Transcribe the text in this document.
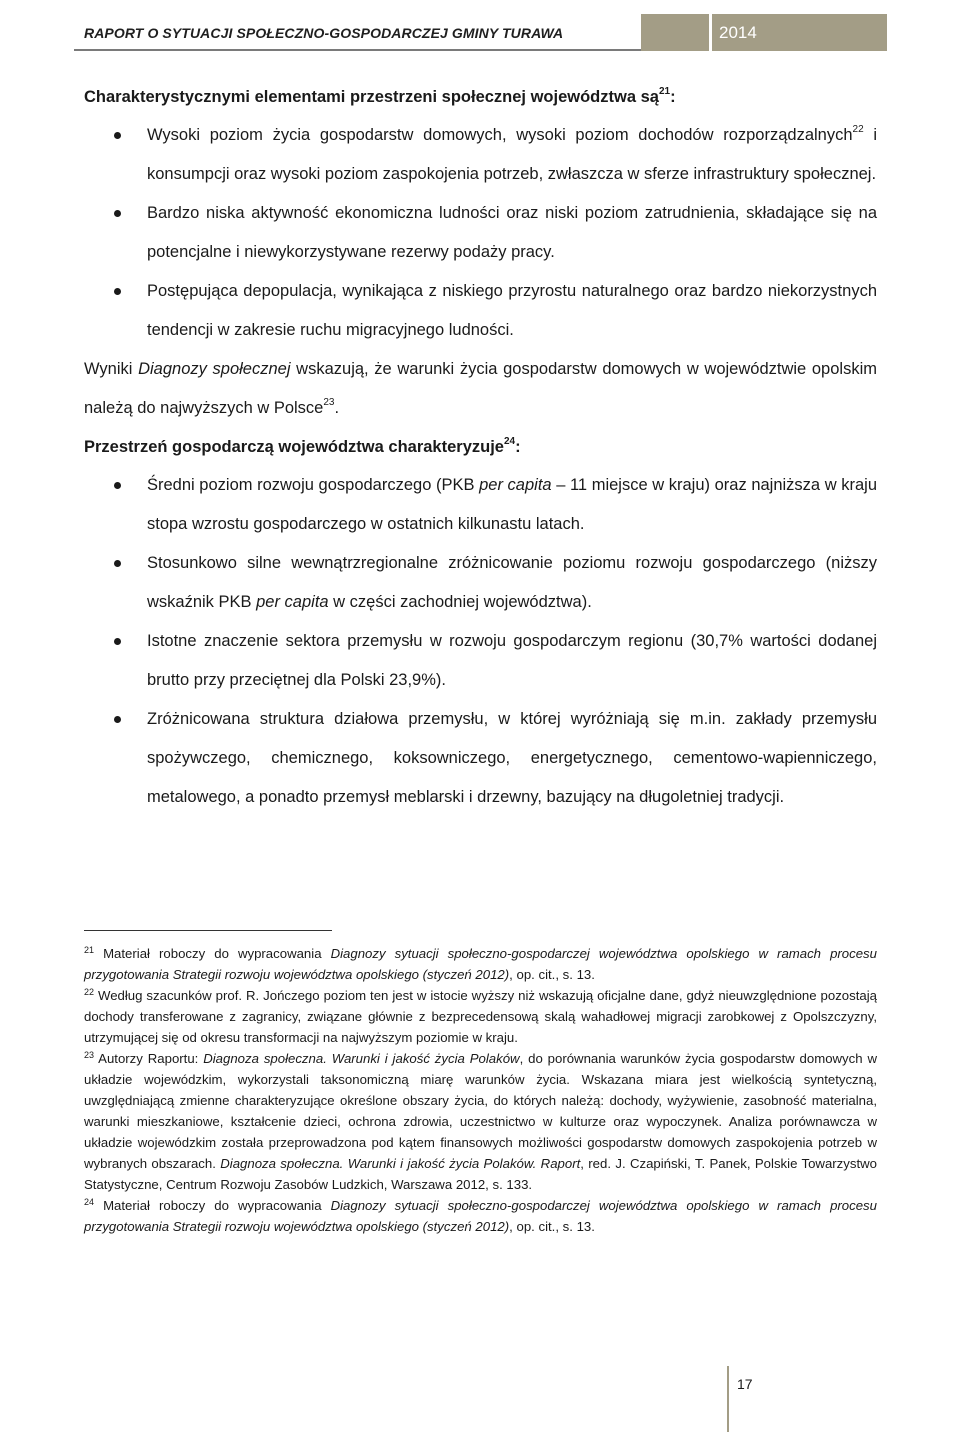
RAPORT O SYTUACJI SPOŁECZNO-GOSPODARCZEJ GMINY TURAWA	2014

Charakterystycznymi elementami przestrzeni społecznej województwa $są^{21}$:

Wysoki poziom życia gospodarstw domowych, wysoki poziom dochodów rozporządzalnych$^{22}$ i konsumpcji oraz wysoki poziom zaspokojenia potrzeb, zwłaszcza w sferze infrastruktury społecznej.
Bardzo niska aktywność ekonomiczna ludności oraz niski poziom zatrudnienia, składające się na potencjalne i niewykorzystywane rezerwy podaży pracy.
Postępująca depopulacja, wynikająca z niskiego przyrostu naturalnego oraz bardzo niekorzystnych tendencji w zakresie ruchu migracyjnego ludności.

Wyniki Diagnozy społecznej wskazują, że warunki życia gospodarstw domowych w województwie opolskim należą do najwyższych w Polsce$^{23}$.

Przestrzeń gospodarczą województwa charakteryzuje$^{24}$:

Średni poziom rozwoju gospodarczego (PKB per capita – 11 miejsce w kraju) oraz najniższa w kraju stopa wzrostu gospodarczego w ostatnich kilkunastu latach.
Stosunkowo silne wewnątrzregionalne zróżnicowanie poziomu rozwoju gospodarczego (niższy wskaźnik PKB per capita w części zachodniej województwa).
Istotne znaczenie sektora przemysłu w rozwoju gospodarczym regionu (30,7% wartości dodanej brutto przy przeciętnej dla Polski 23,9%).
Zróżnicowana struktura działowa przemysłu, w której wyróżniają się m.in. zakłady przemysłu spożywczego, chemicznego, koksowniczego, energetycznego, cementowo-wapienniczego, metalowego, a ponadto przemysł meblarski i drzewny, bazujący na długoletniej tradycji.

$^{21}$ Materiał roboczy do wypracowania Diagnozy sytuacji społeczno-gospodarczej województwa opolskiego w ramach procesu przygotowania Strategii rozwoju województwa opolskiego (styczeń 2012), op. cit., s. 13.

$^{22}$ Według szacunków prof. R. Jończego poziom ten jest w istocie wyższy niż wskazują oficjalne dane, gdyż nieuwzględnione pozostają dochody transferowane z zagranicy, związane głównie z bezprecedensową skalą wahadłowej migracji zarobkowej z Opolszczyzny, utrzymującej się od okresu transformacji na najwyższym poziomie w kraju.

$^{23}$ Autorzy Raportu: Diagnoza społeczna. Warunki i jakość życia Polaków, do porównania warunków życia gospodarstw domowych w układzie wojewódzkim, wykorzystali taksonomiczną miarę warunków życia. Wskazana miara jest wielkością syntetyczną, uwzględniającą zmienne charakteryzujące określone obszary życia, do których należą: dochody, wyżywienie, zasobność materialna, warunki mieszkaniowe, kształcenie dzieci, ochrona zdrowia, uczestnictwo w kulturze oraz wypoczynek. Analiza porównawcza w układzie wojewódzkim została przeprowadzona pod kątem finansowych możliwości gospodarstw domowych zaspokojenia potrzeb w wybranych obszarach. Diagnoza społeczna. Warunki i jakość życia Polaków. Raport, red. J. Czapiński, T. Panek, Polskie Towarzystwo Statystyczne, Centrum Rozwoju Zasobów Ludzkich, Warszawa 2012, s. 133.

$^{24}$ Materiał roboczy do wypracowania Diagnozy sytuacji społeczno-gospodarczej województwa opolskiego w ramach procesu przygotowania Strategii rozwoju województwa opolskiego (styczeń 2012), op. cit., s. 13.

17
